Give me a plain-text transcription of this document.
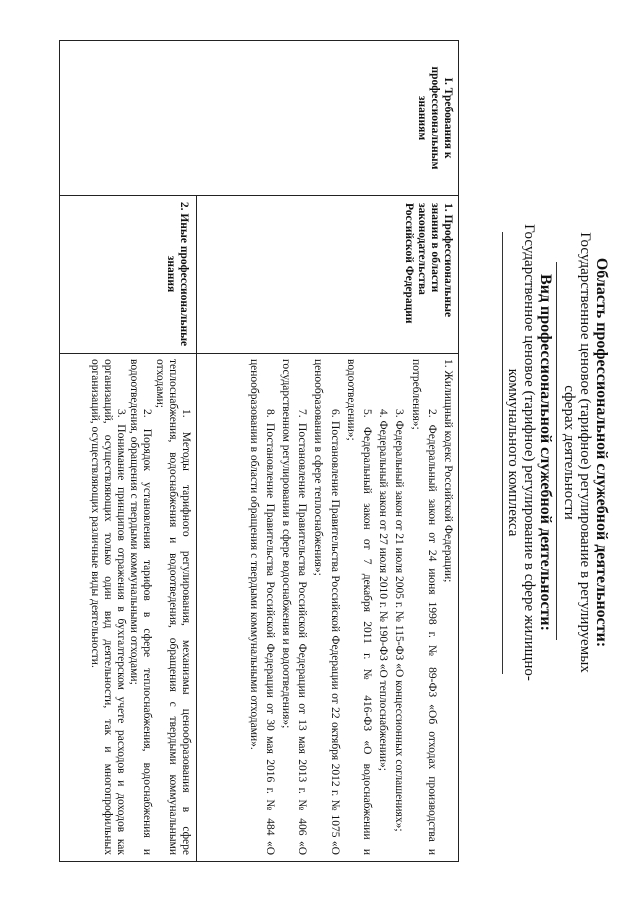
Область профессиональной служебной деятельности:
Государственное ценовое (тарифное) регулирование в регулируемых
сферах деятельности
Вид профессиональной служебной деятельности:
Государственное ценовое (тарифное) регулирование в сфере жилищно-
коммунального комплекса
I. Требования к профессиональным знаниям
1. Профессиональные знания в области законодательства Российской Федерации
2. Иные профессиональные знания
1. Жилищный кодекс Российской Федерации;
2. Федеральный закон от 24 июня 1998 г. № 89-ФЗ «Об отходах производства и потребления»;
3. Федеральный закон от 21 июля 2005 г. № 115-ФЗ «О концессионных соглашениях»;
4. Федеральный закон от 27 июля 2010 г. № 190-ФЗ «О теплоснабжении»;
5. Федеральный закон от 7 декабря 2011 г. № 416-ФЗ «О водоснабжении и водоотведении»;
6. Постановление Правительства Российской Федерации от 22 октября 2012 г. № 1075 «О ценообразовании в сфере теплоснабжения»;
7. Постановление Правительства Российской Федерации от 13 мая 2013 г. № 406 «О государственном регулировании в сфере водоснабжения и водоотведения»;
8. Постановление Правительства Российской Федерации от 30 мая 2016 г. № 484 «О ценообразовании в области обращения с твердыми коммунальными отходами».
1. Методы тарифного регулирования, механизмы ценообразования в сфере теплоснабжения, водоснабжения и водоотведения, обращения с твердыми коммунальными отходами;
2. Порядок установления тарифов в сфере теплоснабжения, водоснабжения и водоотведения, обращения с твердыми коммунальными отходами;
3. Понимание принципов отражения в бухгалтерском учете расходов и доходов как организаций, осуществляющих только один вид деятельности, так и многопрофильных организаций, осуществляющих различные виды деятельности.
